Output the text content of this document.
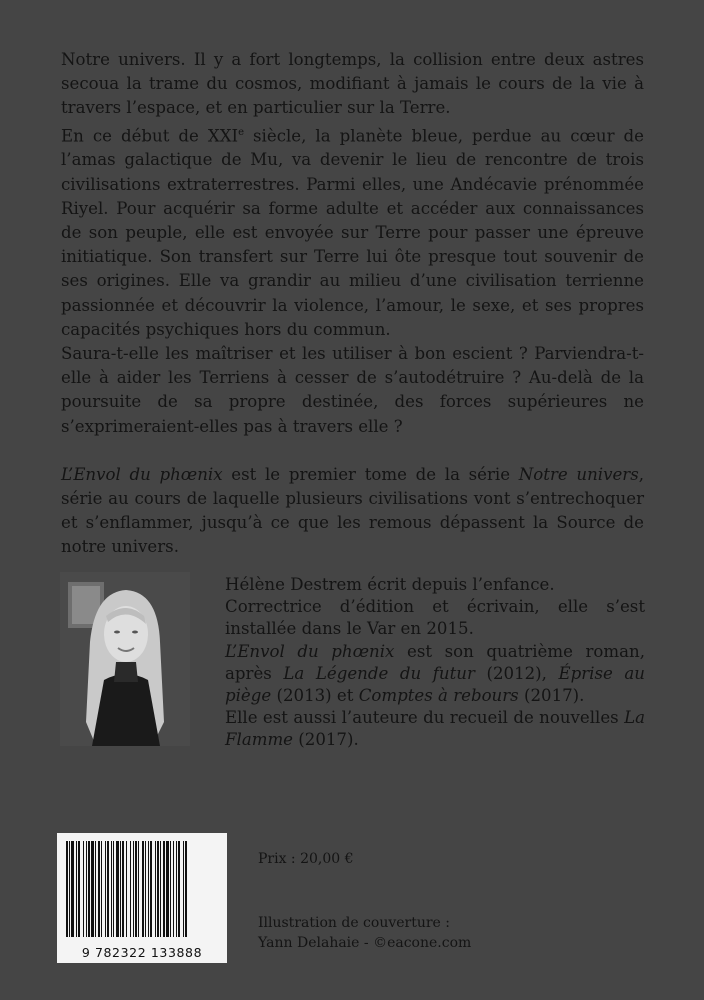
Notre univers. Il y a fort longtemps, la collision entre deux astres secoua la trame du cosmos, modifiant à jamais le cours de la vie à travers l’espace, et en particulier sur la Terre.

En ce début de XXIe siècle, la planète bleue, perdue au cœur de l’amas galactique de Mu, va devenir le lieu de rencontre de trois civilisations extraterrestres. Parmi elles, une Andécavie prénommée Riyel. Pour acquérir sa forme adulte et accéder aux connaissances de son peuple, elle est envoyée sur Terre pour passer une épreuve initiatique. Son transfert sur Terre lui ôte presque tout souvenir de ses origines. Elle va grandir au milieu d’une civilisation terrienne passionnée et découvrir la violence, l’amour, le sexe, et ses propres capacités psychiques hors du commun.

Saura-t-elle les maîtriser et les utiliser à bon escient ? Parviendra-t-elle à aider les Terriens à cesser de s’autodétruire ? Au-delà de la poursuite de sa propre destinée, des forces supérieures ne s’exprimeraient-elles pas à travers elle ?

L’Envol du phœnix est le premier tome de la série Notre univers, série au cours de laquelle plusieurs civilisations vont s’entrechoquer et s’enflammer, jusqu’à ce que les remous dépassent la Source de notre univers.

Hélène Destrem écrit depuis l’enfance.

Correctrice d’édition et écrivain, elle s’est installée dans le Var en 2015.

L’Envol du phœnix est son quatrième roman, après La Légende du futur (2012), Éprise au piège (2013) et Comptes à rebours (2017).

Elle est aussi l’auteure du recueil de nouvelles La Flamme (2017).

9 782322 133888
Prix : 20,00 €
Illustration de couverture :
Yann Delahaie - ©eacone.com
